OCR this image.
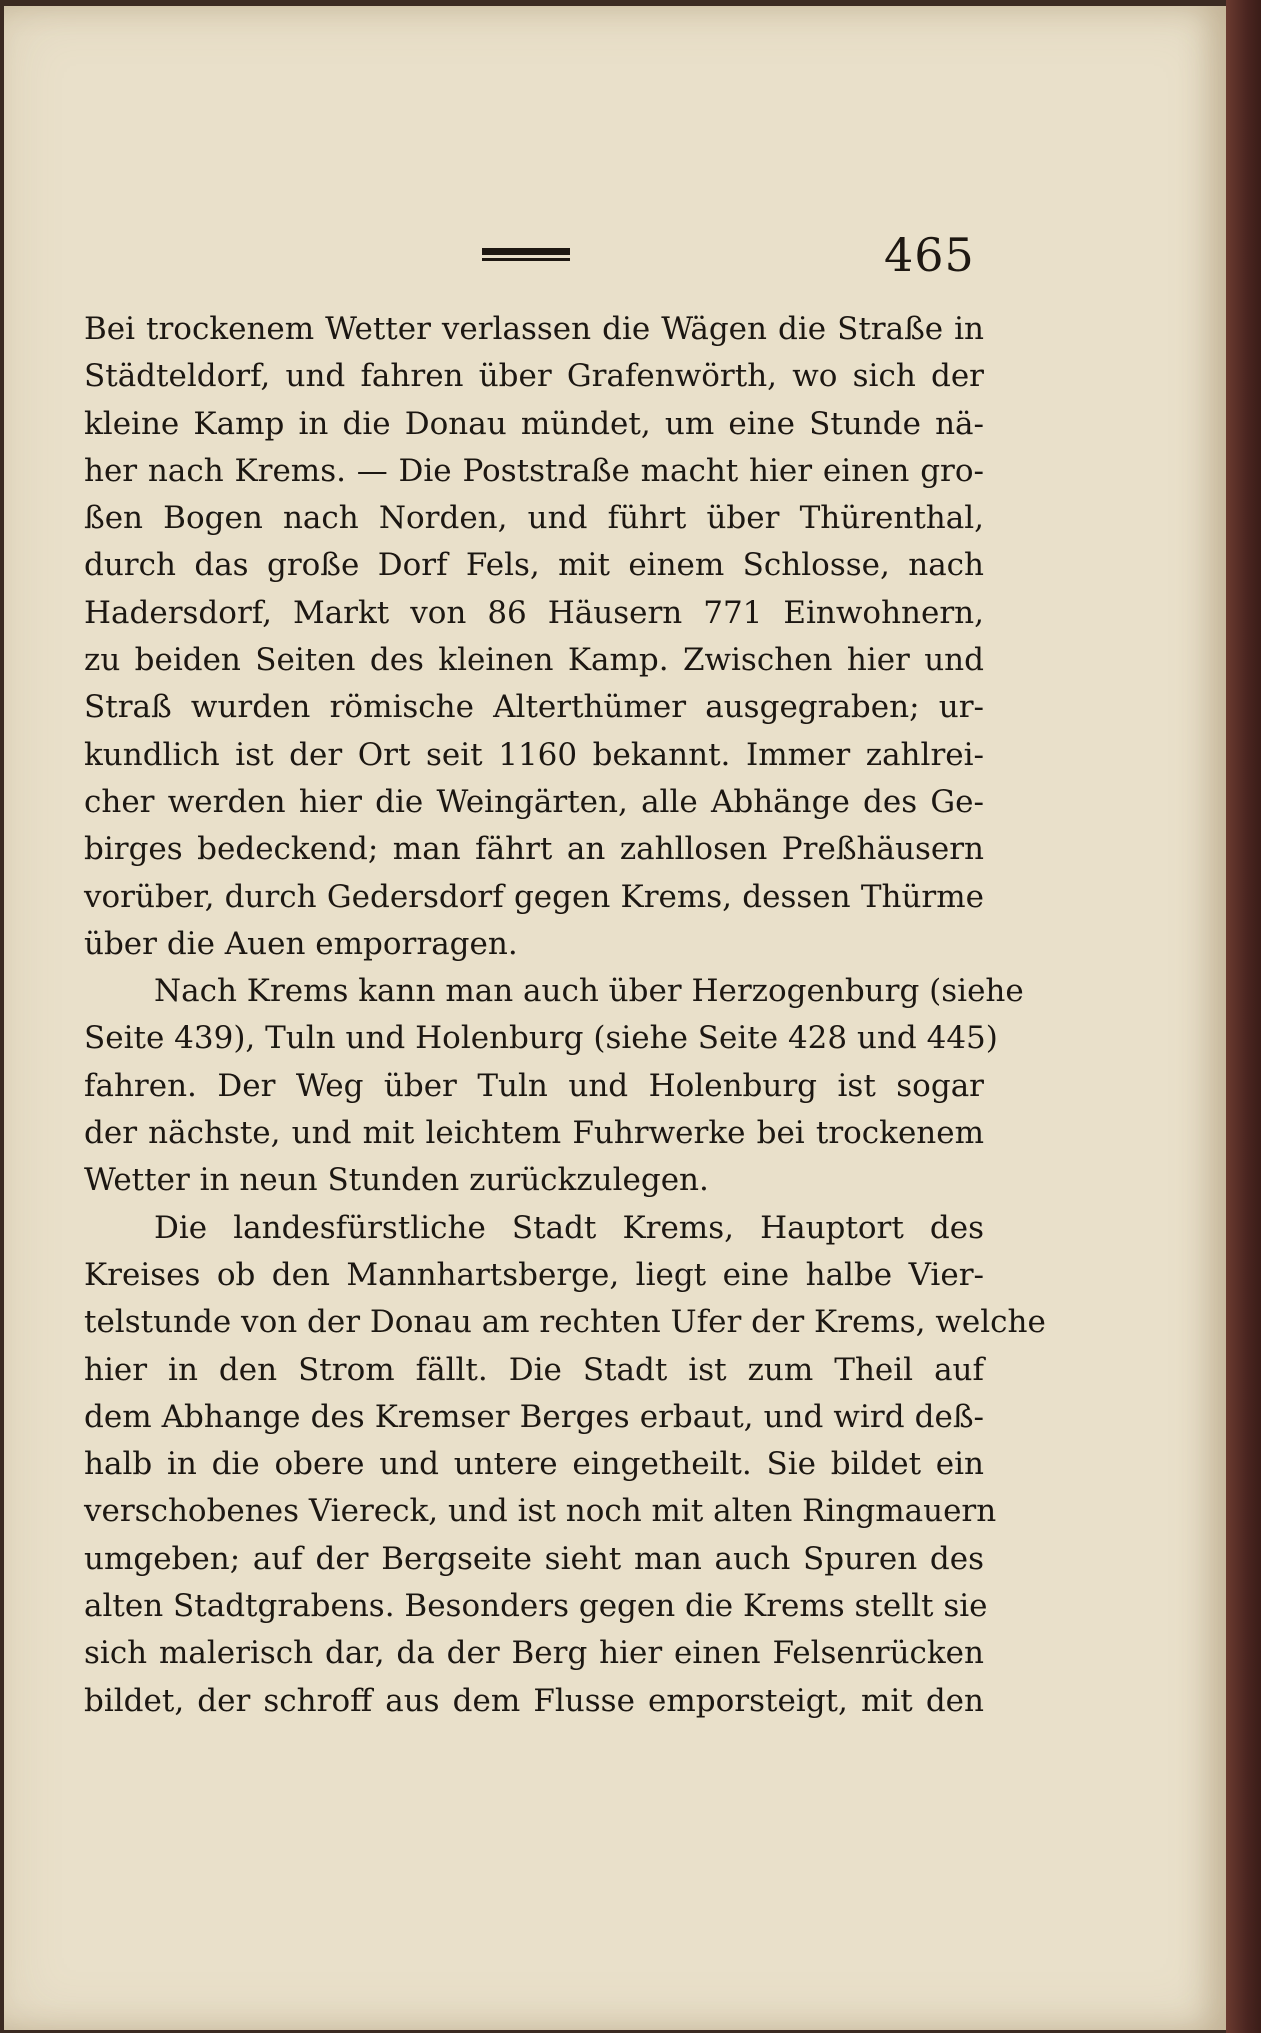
465
Bei trockenem Wetter verlassen die Wägen die Straße in
Städteldorf, und fahren über Grafenwörth, wo sich der
kleine Kamp in die Donau mündet, um eine Stunde nä-
her nach Krems. — Die Poststraße macht hier einen gro-
ßen Bogen nach Norden, und führt über Thürenthal,
durch das große Dorf Fels, mit einem Schlosse, nach
Hadersdorf, Markt von 86 Häusern 771 Einwohnern,
zu beiden Seiten des kleinen Kamp. Zwischen hier und
Straß wurden römische Alterthümer ausgegraben; ur-
kundlich ist der Ort seit 1160 bekannt. Immer zahlrei-
cher werden hier die Weingärten, alle Abhänge des Ge-
birges bedeckend; man fährt an zahllosen Preßhäusern
vorüber, durch Gedersdorf gegen Krems, dessen Thürme
über die Auen emporragen.
Nach Krems kann man auch über Herzogenburg (siehe
Seite 439), Tuln und Holenburg (siehe Seite 428 und 445)
fahren. Der Weg über Tuln und Holenburg ist sogar
der nächste, und mit leichtem Fuhrwerke bei trockenem
Wetter in neun Stunden zurückzulegen.
Die landesfürstliche Stadt Krems, Hauptort des
Kreises ob den Mannhartsberge, liegt eine halbe Vier-
telstunde von der Donau am rechten Ufer der Krems, welche
hier in den Strom fällt. Die Stadt ist zum Theil auf
dem Abhange des Kremser Berges erbaut, und wird deß-
halb in die obere und untere eingetheilt. Sie bildet ein
verschobenes Viereck, und ist noch mit alten Ringmauern
umgeben; auf der Bergseite sieht man auch Spuren des
alten Stadtgrabens. Besonders gegen die Krems stellt sie
sich malerisch dar, da der Berg hier einen Felsenrücken
bildet, der schroff aus dem Flusse emporsteigt, mit den
